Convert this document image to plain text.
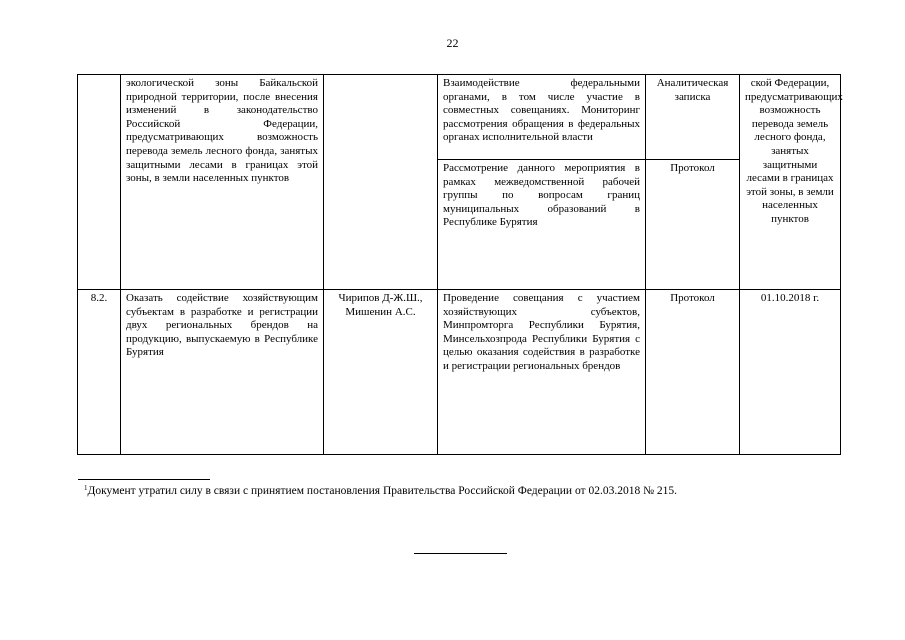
22
	экологической зоны Байкальской природной территории, после внесения изменений в законодательство Российской Федерации, предусматривающих возможность перевода земель лесного фонда, занятых защитными лесами в границах этой зоны, в земли населенных пунктов		Взаимодействие федеральными органами, в том числе участие в совместных совещаниях. Мониторинг рассмотрения обращения в федеральных органах исполнительной власти	Аналитическая записка	ской Федерации, предусматривающих возможность перевода земель лесного фонда, занятых защитными лесами в границах этой зоны, в земли населенных пунктов
			Рассмотрение данного мероприятия в рамках межведомственной рабочей группы по вопросам границ муниципальных образований в Республике Бурятия	Протокол	
8.2.	Оказать содействие хозяйствующим субъектам в разработке и регистрации двух региональных брендов на продукцию, выпускаемую в Республике Бурятия	Чирипов Д-Ж.Ш., Мишенин А.С.	Проведение совещания с участием хозяйствующих субъектов, Минпромторга Республики Бурятия, Минсельхозпрода Республики Бурятия с целью оказания содействия в разработке и регистрации региональных брендов	Протокол	01.10.2018 г.
$^1$Документ утратил силу в связи с принятием постановления Правительства Российской Федерации от 02.03.2018 № 215.
